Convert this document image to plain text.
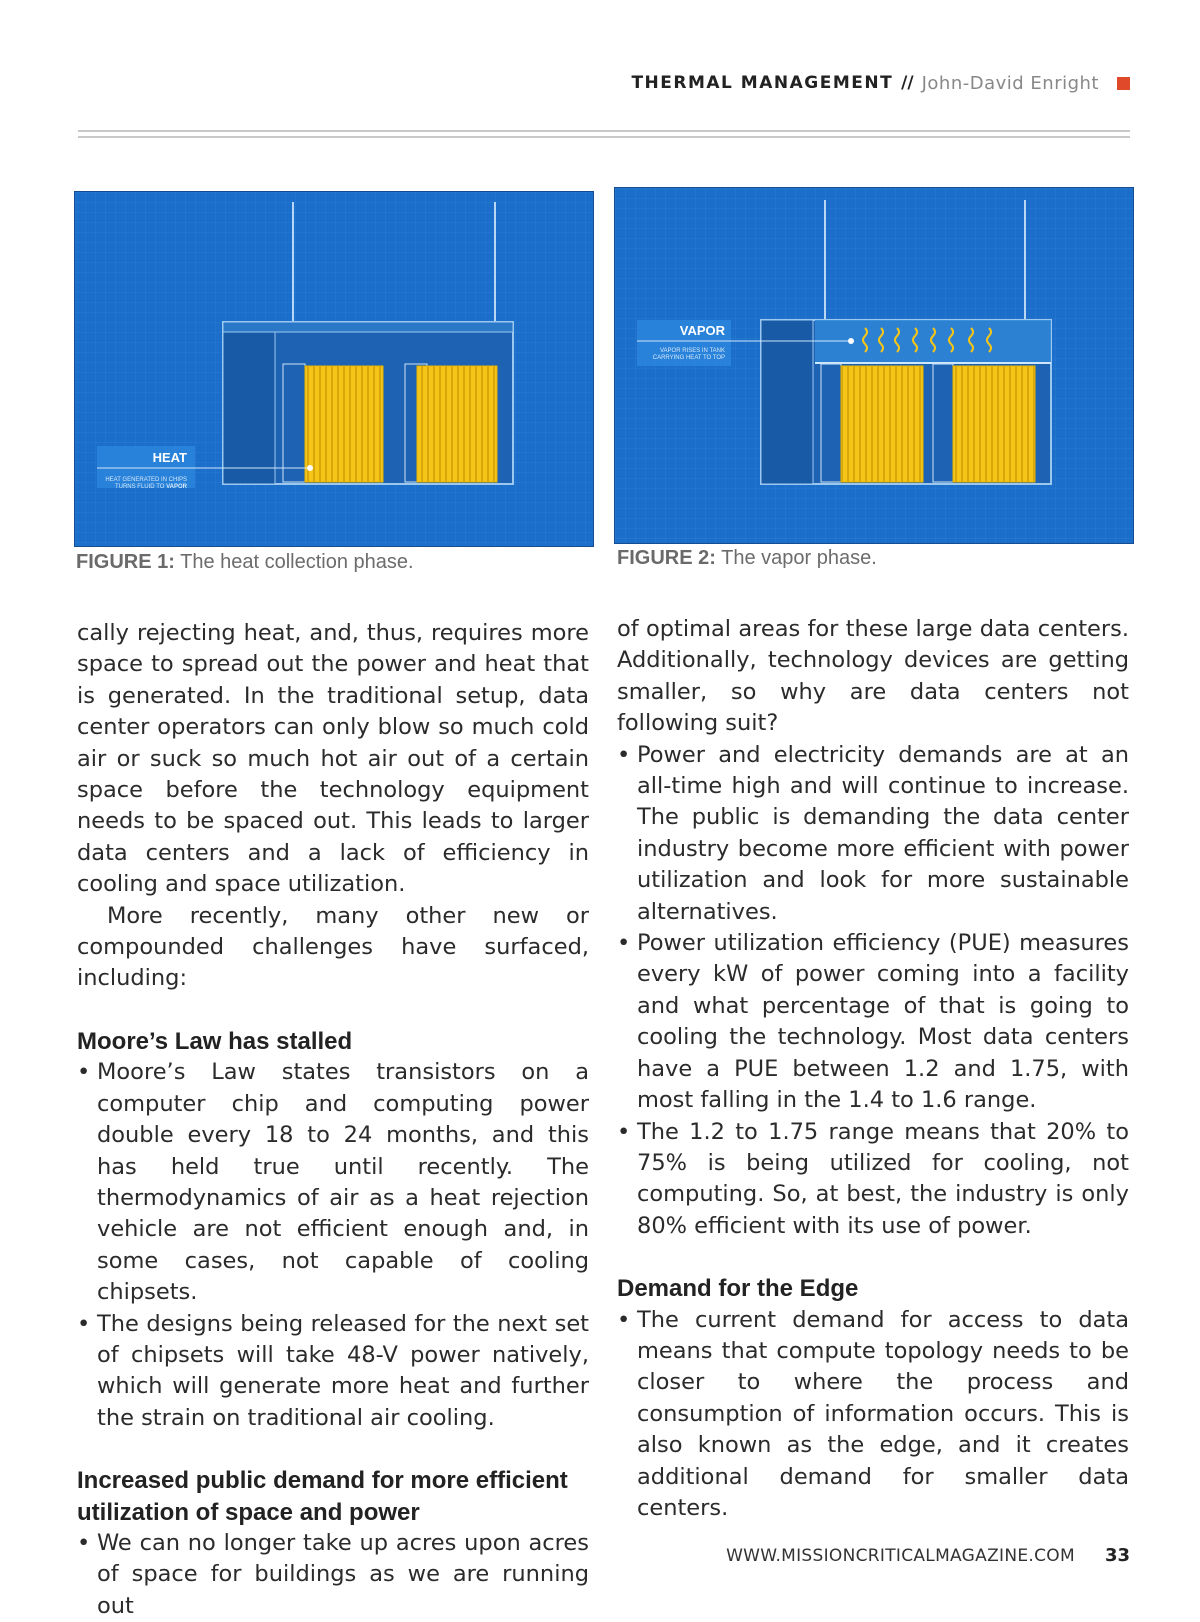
THERMAL MANAGEMENT // John-David Enright
HEAT
HEAT GENERATED IN CHIPS
TURNS FLUID TO VAPOR
FIGURE 1: The heat collection phase.
VAPOR
VAPOR RISES IN TANK
CARRYING HEAT TO TOP
FIGURE 2: The vapor phase.

cally rejecting heat, and, thus, requires more space to spread out the power and heat that is generated. In the traditional setup, data center operators can only blow so much cold air or suck so much hot air out of a certain space before the technology equipment needs to be spaced out. This leads to larger data centers and a lack of efficiency in cooling and space utilization.

More recently, many other new or compounded challenges have surfaced, including:

Moore’s Law has stalled
• Moore’s Law states transistors on a computer chip and computing power double every 18 to 24 months, and this has held true until recently. The thermodynamics of air as a heat rejection vehicle are not efficient enough and, in some cases, not capable of cooling chipsets.
• The designs being released for the next set of chipsets will take 48-V power natively, which will generate more heat and further the strain on traditional air cooling.
Increased public demand for more efficient utilization of space and power
• We can no longer take up acres upon acres of space for buildings as we are running out

of optimal areas for these large data centers. Additionally, technology devices are getting smaller, so why are data centers not following suit?

• Power and electricity demands are at an all-time high and will continue to increase. The public is demanding the data center industry become more efficient with power utilization and look for more sustainable alternatives.
• Power utilization efficiency (PUE) measures every kW of power coming into a facility and what percentage of that is going to cooling the technology. Most data centers have a PUE between 1.2 and 1.75, with most falling in the 1.4 to 1.6 range.
• The 1.2 to 1.75 range means that 20% to 75% is being utilized for cooling, not computing. So, at best, the industry is only 80% efficient with its use of power.
Demand for the Edge
• The current demand for access to data means that compute topology needs to be closer to where the process and consumption of information occurs. This is also known as the edge, and it creates additional demand for smaller data centers.
WWW.MISSIONCRITICALMAGAZINE.COM 33
